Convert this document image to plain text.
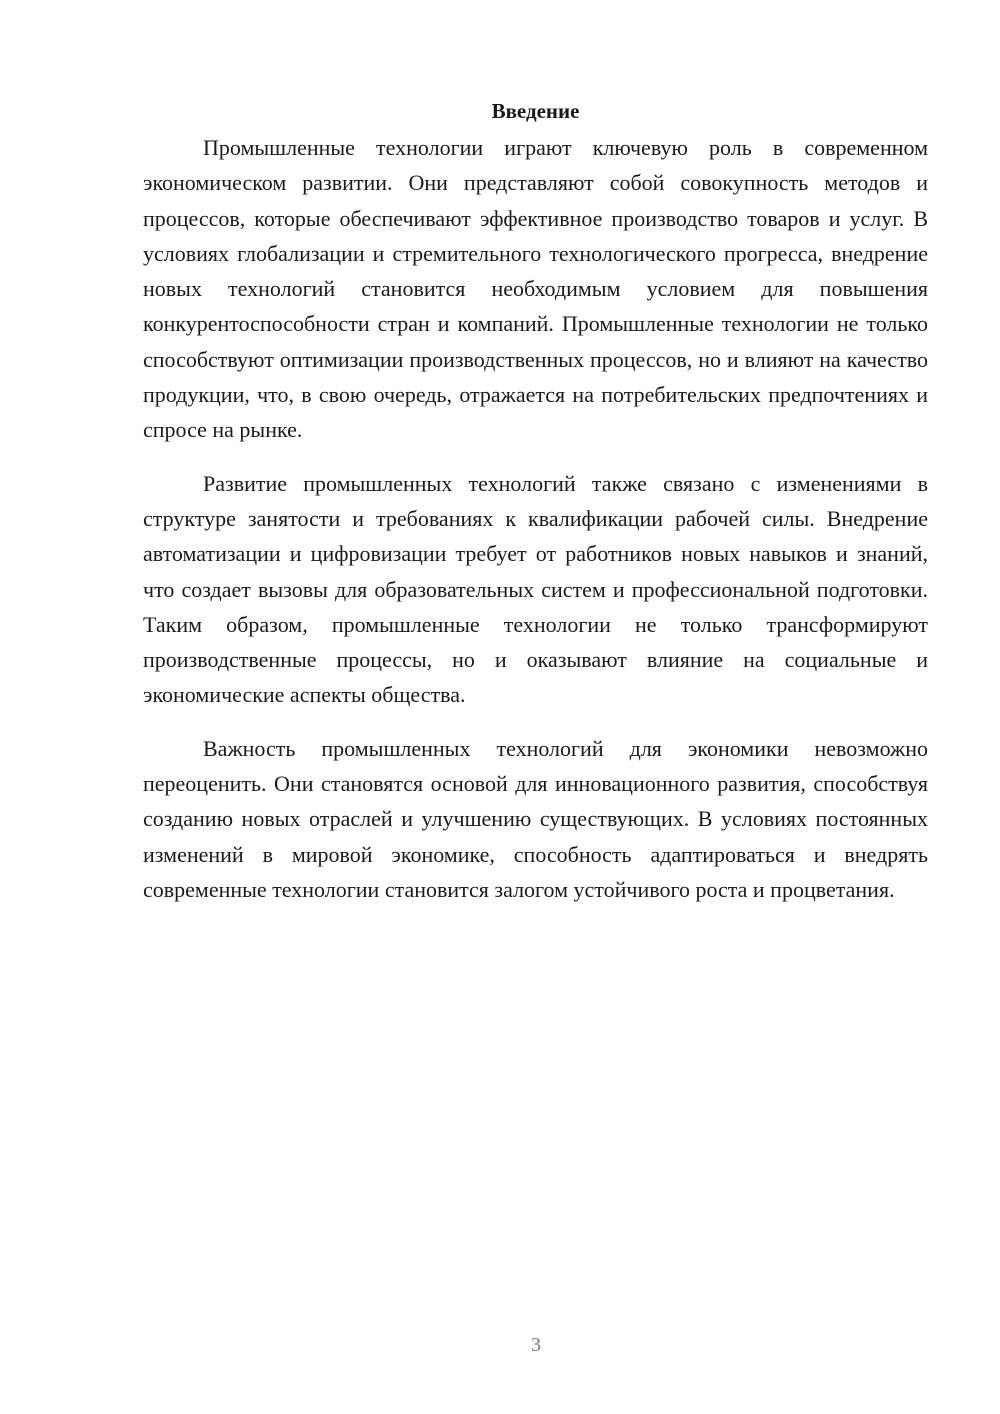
Введение

Промышленные технологии играют ключевую роль в современном экономическом развитии. Они представляют собой совокупность методов и процессов, которые обеспечивают эффективное производство товаров и услуг. В условиях глобализации и стремительного технологического прогресса, внедрение новых технологий становится необходимым условием для повышения конкурентоспособности стран и компаний. Промышленные технологии не только способствуют оптимизации производственных процессов, но и влияют на качество продукции, что, в свою очередь, отражается на потребительских предпочтениях и спросе на рынке.

Развитие промышленных технологий также связано с изменениями в структуре занятости и требованиях к квалификации рабочей силы. Внедрение автоматизации и цифровизации требует от работников новых навыков и знаний, что создает вызовы для образовательных систем и профессиональной подготовки. Таким образом, промышленные технологии не только трансформируют производственные процессы, но и оказывают влияние на социальные и экономические аспекты общества.

Важность промышленных технологий для экономики невозможно переоценить. Они становятся основой для инновационного развития, способствуя созданию новых отраслей и улучшению существующих. В условиях постоянных изменений в мировой экономике, способность адаптироваться и внедрять современные технологии становится залогом устойчивого роста и процветания.

3
